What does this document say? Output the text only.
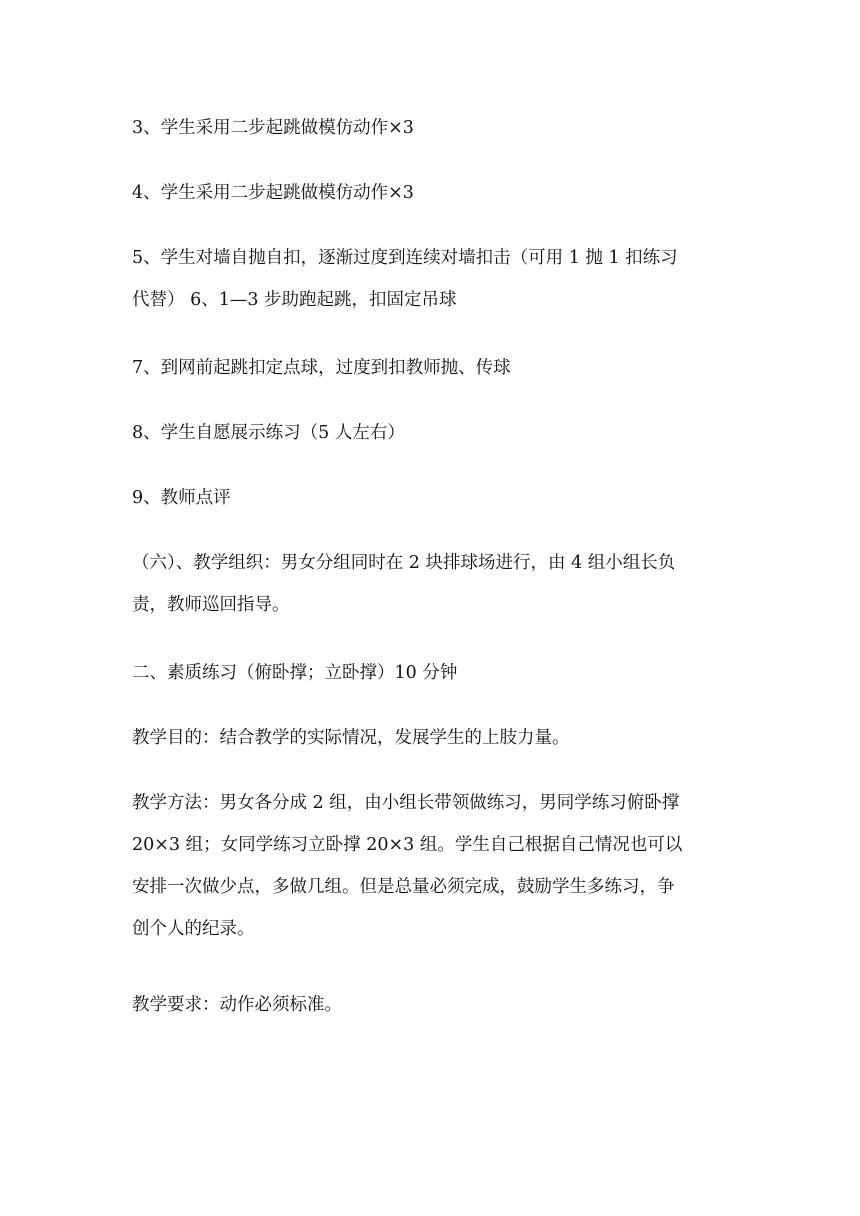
3、学生采用二步起跳做模仿动作×3

4、学生采用二步起跳做模仿动作×3

5、学生对墙自抛自扣，逐渐过度到连续对墙扣击（可用 1 抛 1 扣练习
代替） 6、1—3 步助跑起跳，扣固定吊球

7、到网前起跳扣定点球，过度到扣教师抛、传球

8、学生自愿展示练习（5 人左右）

9、教师点评

（六）、教学组织：男女分组同时在 2 块排球场进行，由 4 组小组长负
责，教师巡回指导。

二、素质练习（俯卧撑；立卧撑）10 分钟

教学目的：结合教学的实际情况，发展学生的上肢力量。

教学方法：男女各分成 2 组，由小组长带领做练习，男同学练习俯卧撑
20×3 组；女同学练习立卧撑 20×3 组。学生自己根据自己情况也可以
安排一次做少点，多做几组。但是总量必须完成，鼓励学生多练习，争
创个人的纪录。

教学要求：动作必须标准。
